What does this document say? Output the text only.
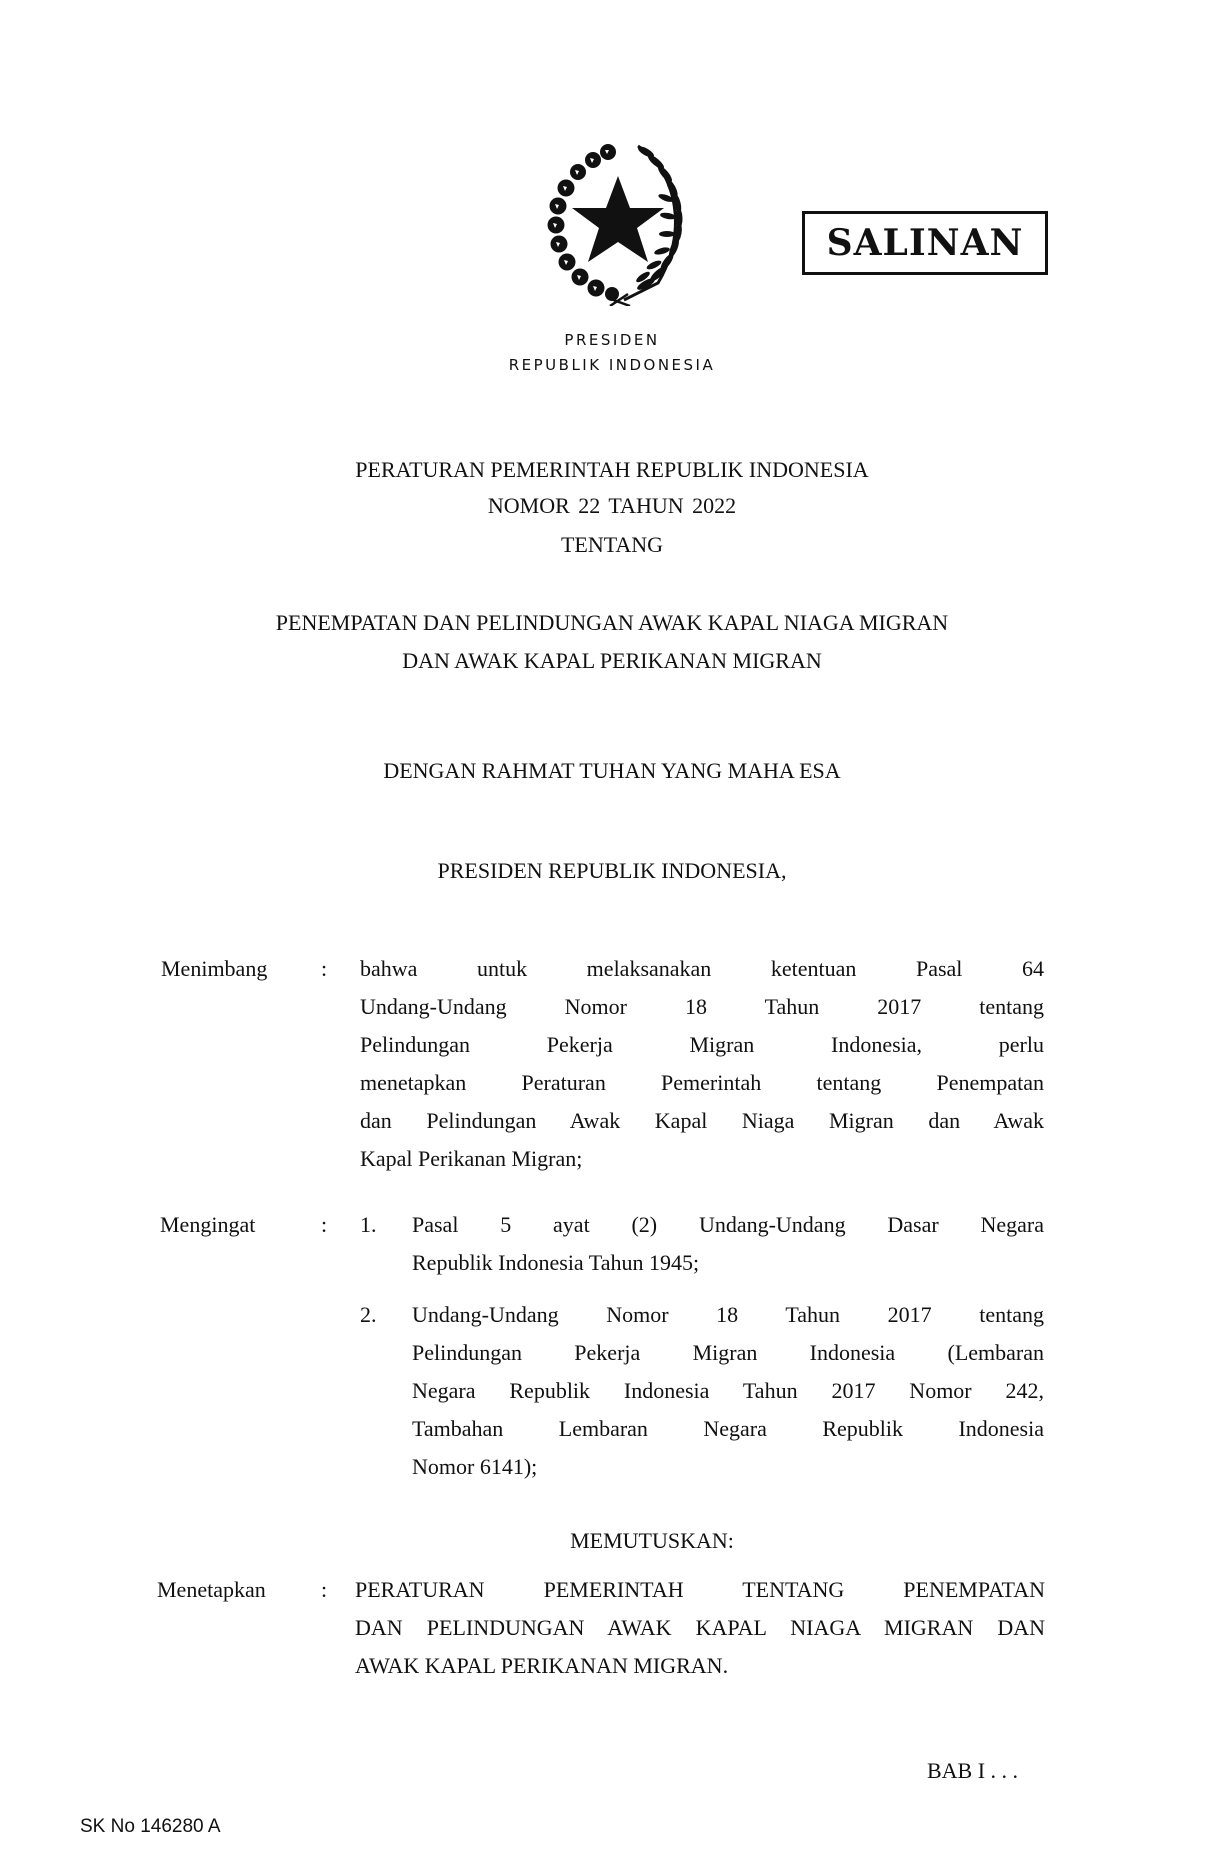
SALINAN
PRESIDEN
REPUBLIK INDONESIA
PERATURAN PEMERINTAH REPUBLIK INDONESIA
NOMOR 22 TAHUN 2022
TENTANG
PENEMPATAN DAN PELINDUNGAN AWAK KAPAL NIAGA MIGRAN
DAN AWAK KAPAL PERIKANAN MIGRAN
DENGAN RAHMAT TUHAN YANG MAHA ESA
PRESIDEN REPUBLIK INDONESIA,
Menimbang : bahwa untuk melaksanakan ketentuan Pasal 64
Undang-Undang Nomor 18 Tahun 2017 tentang
Pelindungan Pekerja Migran Indonesia, perlu
menetapkan Peraturan Pemerintah tentang Penempatan
dan Pelindungan Awak Kapal Niaga Migran dan Awak
Kapal Perikanan Migran;
Mengingat	: 1. Pasal 5 ayat (2) Undang-Undang Dasar Negara
Republik Indonesia Tahun 1945;
2. Undang-Undang Nomor 18 Tahun 2017 tentang
Pelindungan Pekerja Migran Indonesia (Lembaran
Negara Republik Indonesia Tahun 2017 Nomor 242,
Tambahan Lembaran Negara Republik Indonesia
Nomor 6141);
MEMUTUSKAN:
Menetapkan	: PERATURAN PEMERINTAH TENTANG PENEMPATAN
DAN PELINDUNGAN AWAK KAPAL NIAGA MIGRAN DAN
AWAK KAPAL PERIKANAN MIGRAN.
BAB I . . .
SK No 146280 A
